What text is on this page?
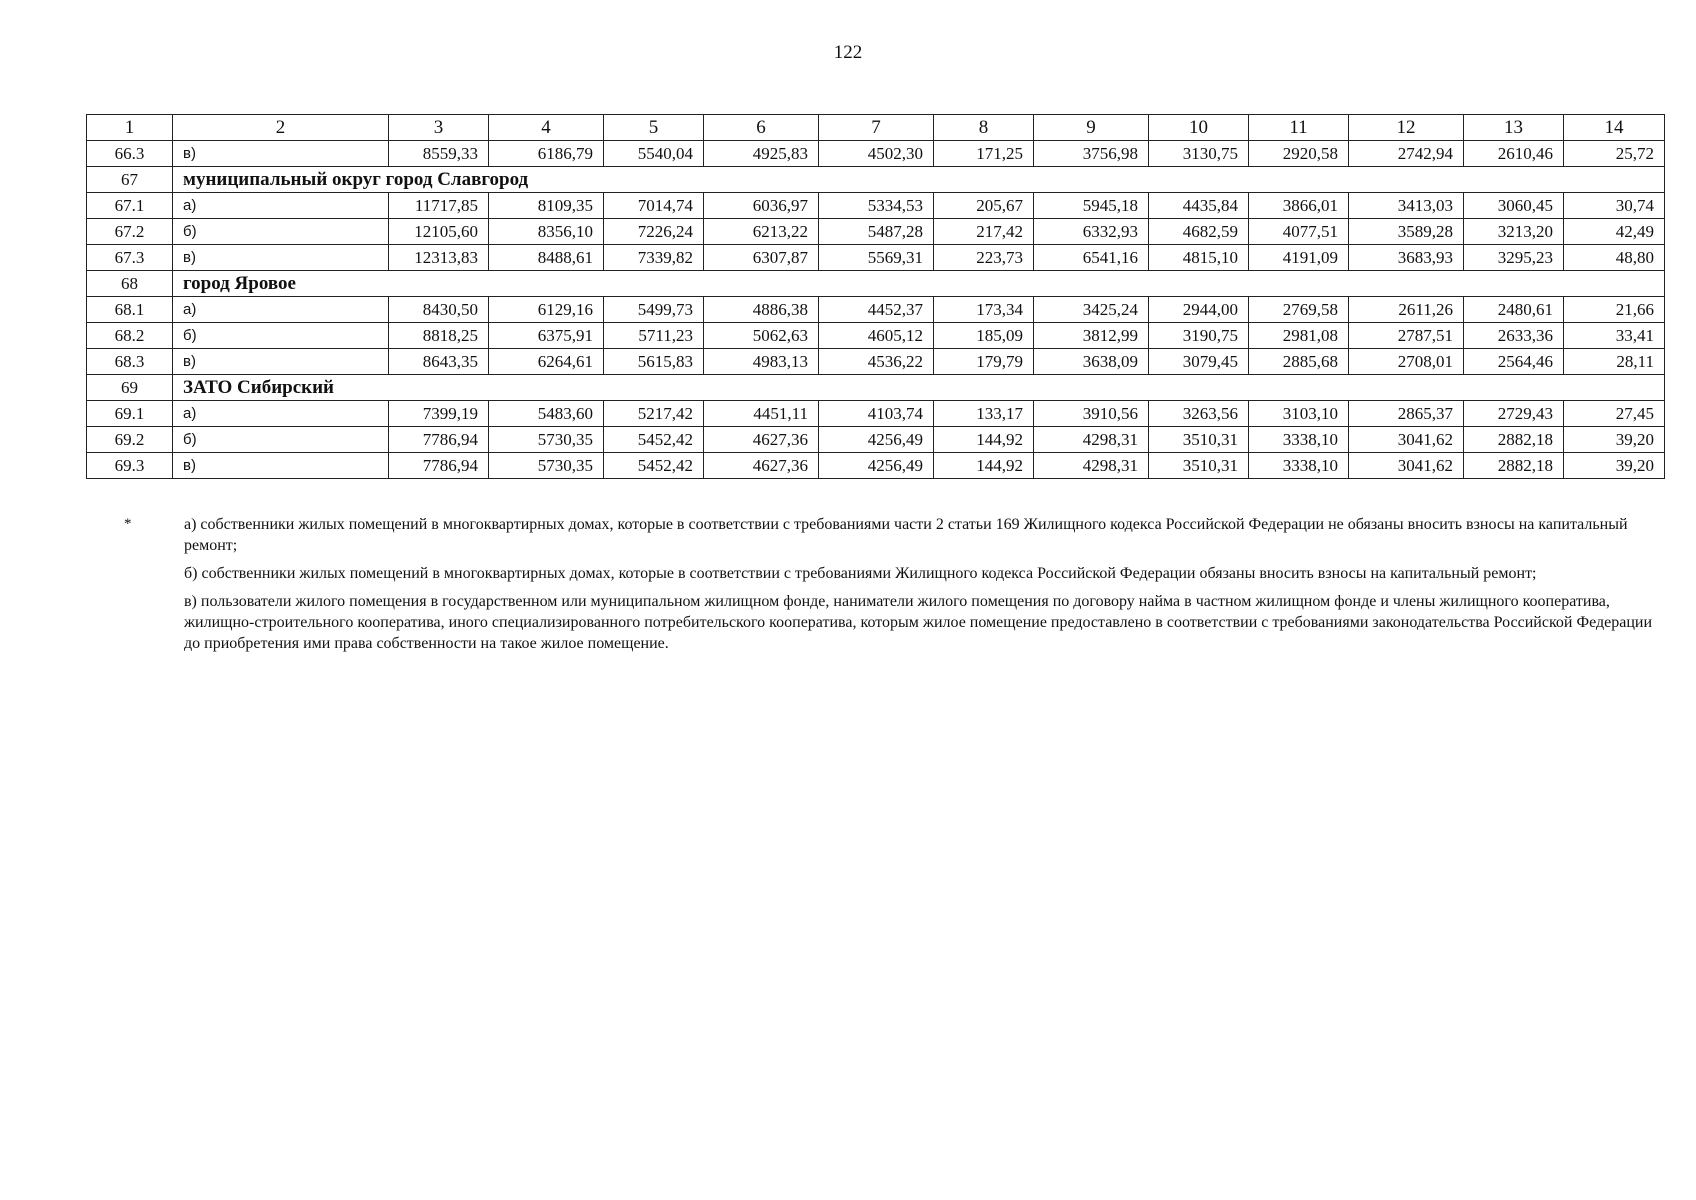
122
1	2	3	4	5	6	7	8	9	10	11	12	13	14
66.3	в)	8559,33	6186,79	5540,04	4925,83	4502,30	171,25	3756,98	3130,75	2920,58	2742,94	2610,46	25,72
67	муниципальный округ город Славгород												
67.1	а)	11717,85	8109,35	7014,74	6036,97	5334,53	205,67	5945,18	4435,84	3866,01	3413,03	3060,45	30,74
67.2	б)	12105,60	8356,10	7226,24	6213,22	5487,28	217,42	6332,93	4682,59	4077,51	3589,28	3213,20	42,49
67.3	в)	12313,83	8488,61	7339,82	6307,87	5569,31	223,73	6541,16	4815,10	4191,09	3683,93	3295,23	48,80
68	город Яровое												
68.1	а)	8430,50	6129,16	5499,73	4886,38	4452,37	173,34	3425,24	2944,00	2769,58	2611,26	2480,61	21,66
68.2	б)	8818,25	6375,91	5711,23	5062,63	4605,12	185,09	3812,99	3190,75	2981,08	2787,51	2633,36	33,41
68.3	в)	8643,35	6264,61	5615,83	4983,13	4536,22	179,79	3638,09	3079,45	2885,68	2708,01	2564,46	28,11
69	ЗАТО Сибирский												
69.1	а)	7399,19	5483,60	5217,42	4451,11	4103,74	133,17	3910,56	3263,56	3103,10	2865,37	2729,43	27,45
69.2	б)	7786,94	5730,35	5452,42	4627,36	4256,49	144,92	4298,31	3510,31	3338,10	3041,62	2882,18	39,20
69.3	в)	7786,94	5730,35	5452,42	4627,36	4256,49	144,92	4298,31	3510,31	3338,10	3041,62	2882,18	39,20
*	а) собственники жилых помещений в многоквартирных домах, которые в соответствии с требованиями части 2 статьи 169 Жилищного кодекса Российской Федерации не обязаны вносить взносы на капитальный ремонт;
б) собственники жилых помещений в многоквартирных домах, которые в соответствии с требованиями Жилищного кодекса Российской Федерации обязаны вносить взносы на капитальный ремонт;
в) пользователи жилого помещения в государственном или муниципальном жилищном фонде, наниматели жилого помещения по договору найма в частном жилищном фонде и члены жилищного кооператива, жилищно-строительного кооператива, иного специализированного потребительского кооператива, которым жилое помещение предоставлено в соответствии с требованиями законодательства Российской Федерации до приобретения ими права собственности на такое жилое помещение.
